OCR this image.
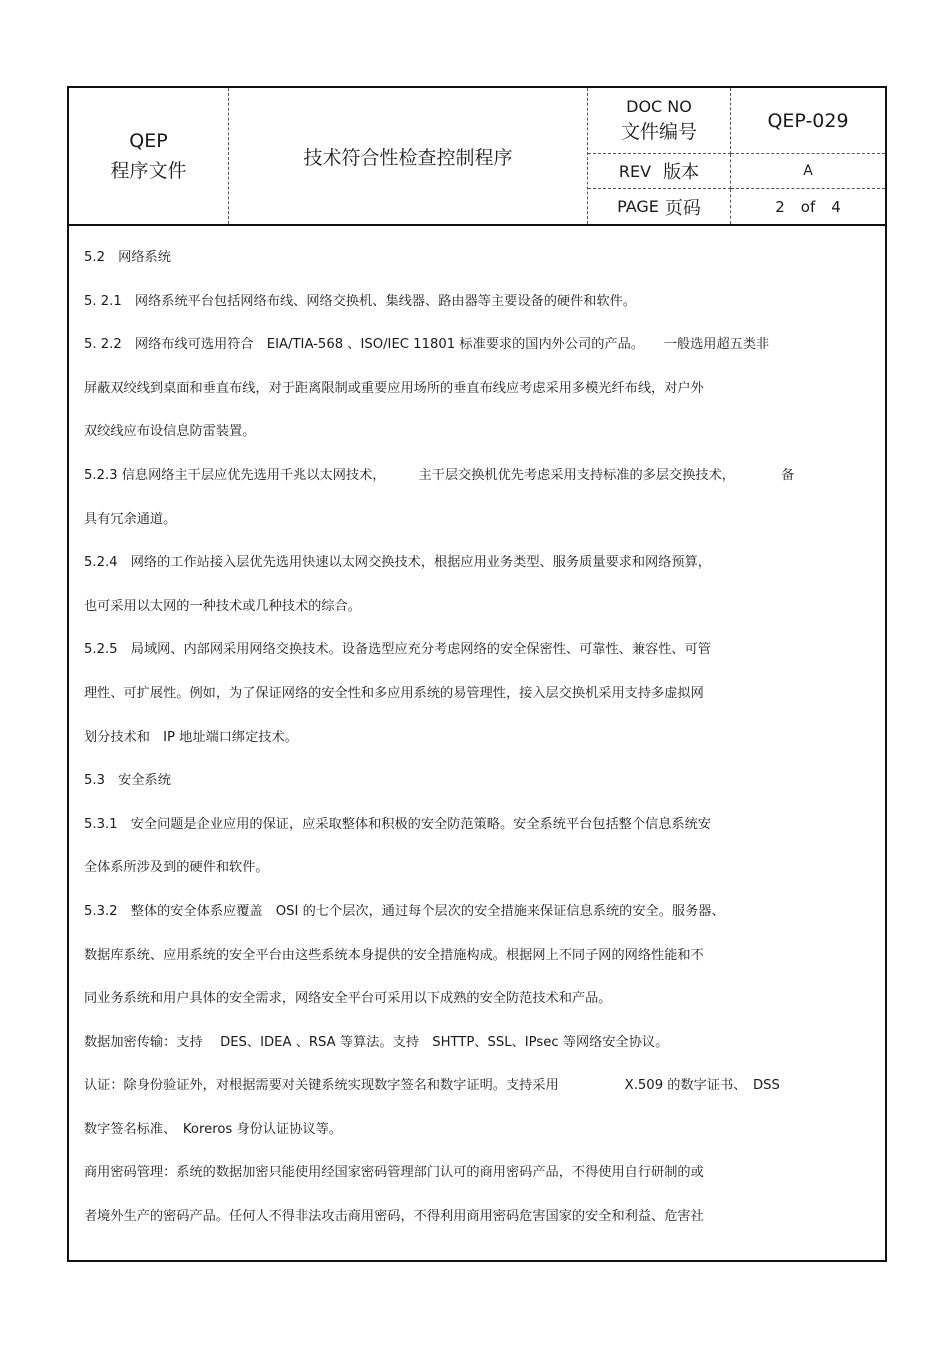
QEP
程序文件
技术符合性检查控制程序
DOC NO
文件编号	QEP-029
REV 版本	A
PAGE 页码	2 of 4

5.2　网络系统

5. 2.1　网络系统平台包括网络布线、网络交换机、集线器、路由器等主要设备的硬件和软件。

5. 2.2　网络布线可选用符合　EIA/TIA-568 、ISO/IEC 11801 标准要求的国内外公司的产品。　　一般选用超五类非

屏蔽双绞线到桌面和垂直布线，对于距离限制或重要应用场所的垂直布线应考虑采用多模光纤布线，对户外

双绞线应布设信息防雷装置。

5.2.3 信息网络主干层应优先选用千兆以太网技术，　　　主干层交换机优先考虑采用支持标准的多层交换技术，　　　　备

具有冗余通道。

5.2.4　网络的工作站接入层优先选用快速以太网交换技术，根据应用业务类型、服务质量要求和网络预算，

也可采用以太网的一种技术或几种技术的综合。

5.2.5　局域网、内部网采用网络交换技术。设备选型应充分考虑网络的安全保密性、可靠性、兼容性、可管

理性、可扩展性。例如，为了保证网络的安全性和多应用系统的易管理性，接入层交换机采用支持多虚拟网

划分技术和　IP 地址端口绑定技术。

5.3　安全系统

5.3.1　安全问题是企业应用的保证，应采取整体和积极的安全防范策略。安全系统平台包括整个信息系统安

全体系所涉及到的硬件和软件。

5.3.2　整体的安全体系应覆盖　OSI 的七个层次，通过每个层次的安全措施来保证信息系统的安全。服务器、

数据库系统、应用系统的安全平台由这些系统本身提供的安全措施构成。根据网上不同子网的网络性能和不

同业务系统和用户具体的安全需求，网络安全平台可采用以下成熟的安全防范技术和产品。

数据加密传输：支持　 DES、IDEA 、RSA 等算法。支持　SHTTP、SSL、IPsec 等网络安全协议。

认证：除身份验证外，对根据需要对关键系统实现数字签名和数字证明。支持采用　　　　　X.509 的数字证书、　DSS

数字签名标准、　Koreros 身份认证协议等。

商用密码管理：系统的数据加密只能使用经国家密码管理部门认可的商用密码产品，不得使用自行研制的或

者境外生产的密码产品。任何人不得非法攻击商用密码，不得利用商用密码危害国家的安全和利益、危害社
